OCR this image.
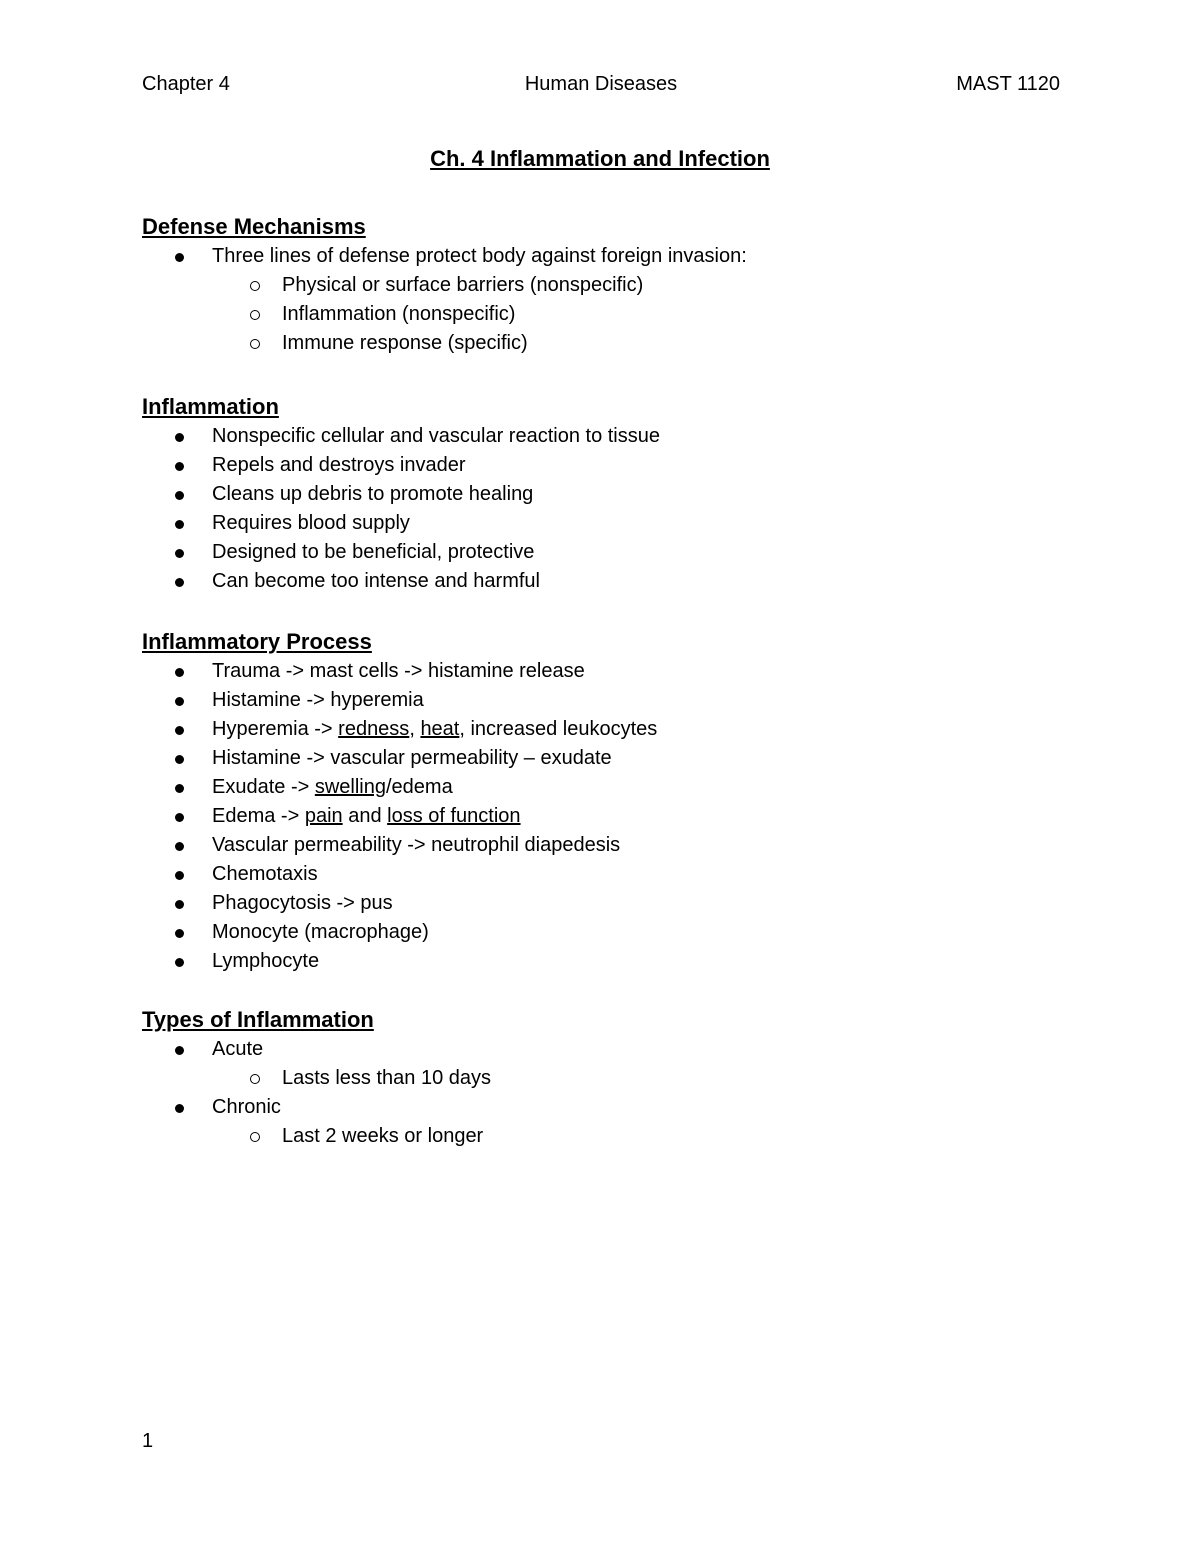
Chapter 4	Human Diseases	MAST 1120
Ch. 4 Inflammation and Infection
Defense Mechanisms
Three lines of defense protect body against foreign invasion:
Physical or surface barriers (nonspecific)
Inflammation (nonspecific)
Immune response (specific)
Inflammation
Nonspecific cellular and vascular reaction to tissue
Repels and destroys invader
Cleans up debris to promote healing
Requires blood supply
Designed to be beneficial, protective
Can become too intense and harmful
Inflammatory Process
Trauma -> mast cells -> histamine release
Histamine -> hyperemia
Hyperemia -> redness, heat, increased leukocytes
Histamine -> vascular permeability – exudate
Exudate -> swelling/edema
Edema -> pain and loss of function
Vascular permeability -> neutrophil diapedesis
Chemotaxis
Phagocytosis -> pus
Monocyte (macrophage)
Lymphocyte
Types of Inflammation
Acute
Lasts less than 10 days
Chronic
Last 2 weeks or longer
1
